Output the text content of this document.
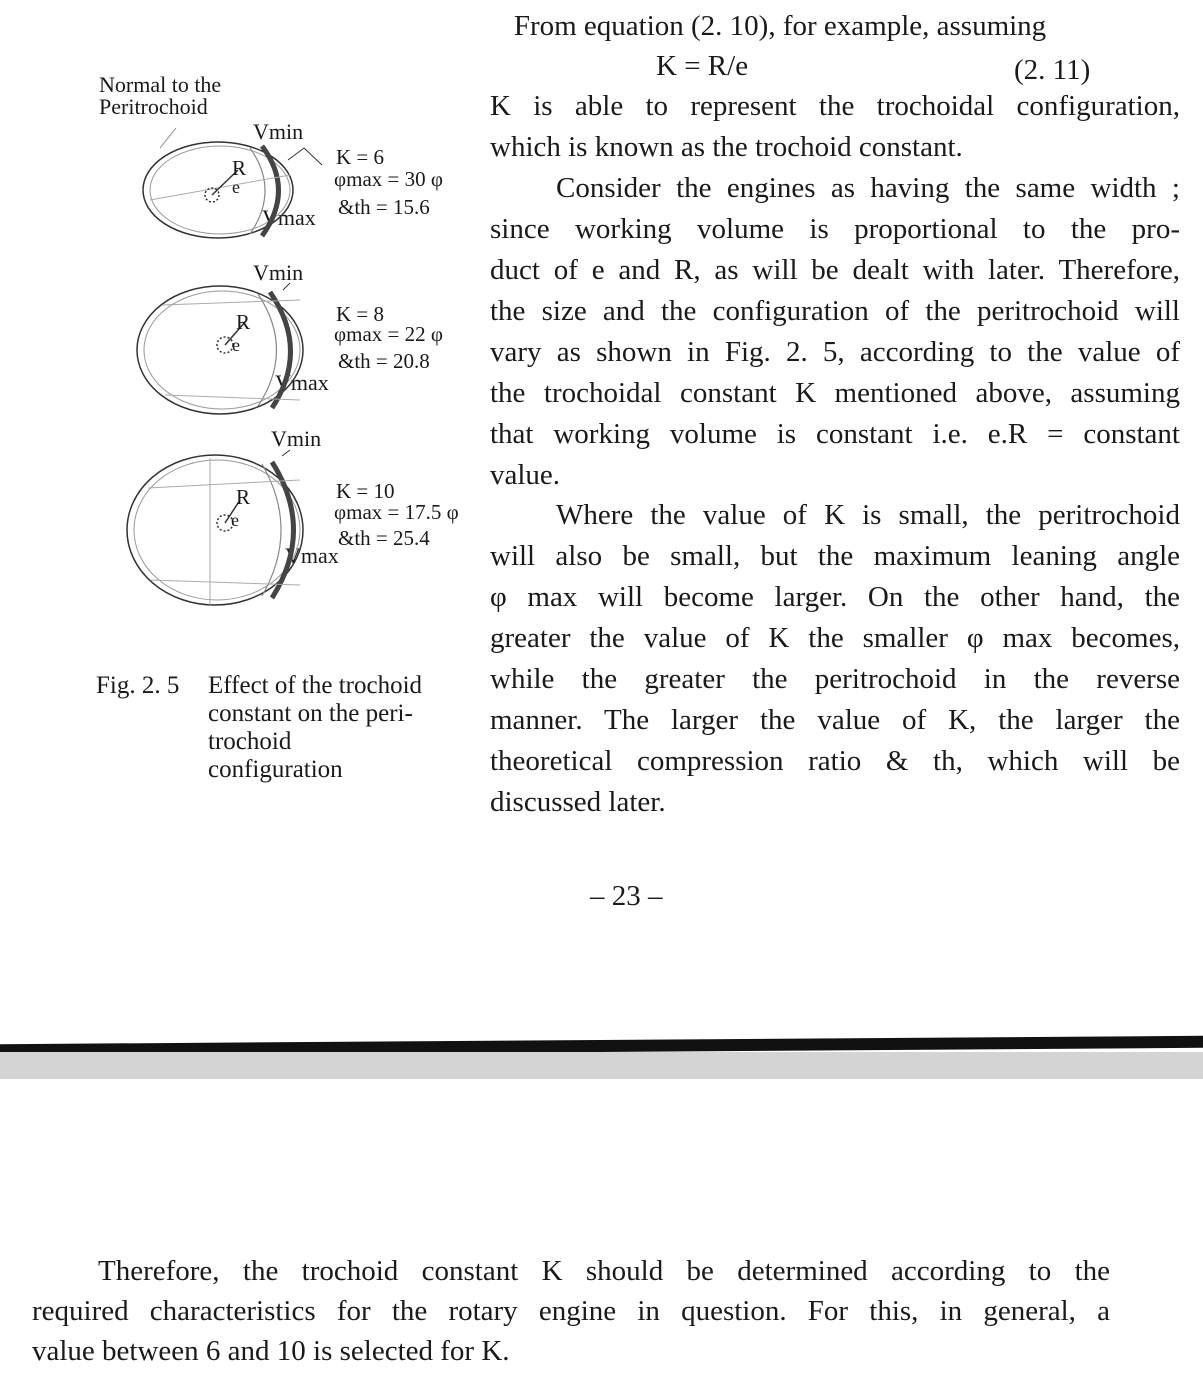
From equation (2. 10), for example, assuming
K = R/e	(2. 11)
K is able to represent the trochoidal configuration,
which is known as the trochoid constant.
Consider the engines as having the same width ;
since working volume is proportional to the pro-
duct of e and R, as will be dealt with later. Therefore,
the size and the configuration of the peritrochoid will
vary as shown in Fig. 2. 5, according to the value of
the trochoidal constant K mentioned above, assuming
that working volume is constant i.e. e.R = constant
value.
Where the value of K is small, the peritrochoid
will also be small, but the maximum leaning angle
φ max will become larger. On the other hand, the
greater the value of K the smaller φ max becomes,
while the greater the peritrochoid in the reverse
manner. The larger the value of K, the larger the
theoretical compression ratio & th, which will be
discussed later.
– 23 –
Normal to the
Peritrochoid
Vmin
Vmax
K = 6
φmax = 30 φ
&th = 15.6
Vmin
Vmax
K = 8
φmax = 22 φ
&th = 20.8
Vmin
Vmax
K = 10
φmax = 17.5 φ
&th = 25.4
R
e
R
e
R
e
Fig. 2. 5 Effect of the trochoid
constant on the peri-
trochoid
configuration
Therefore, the trochoid constant K should be determined according to the
required characteristics for the rotary engine in question. For this, in general, a
value between 6 and 10 is selected for K.
